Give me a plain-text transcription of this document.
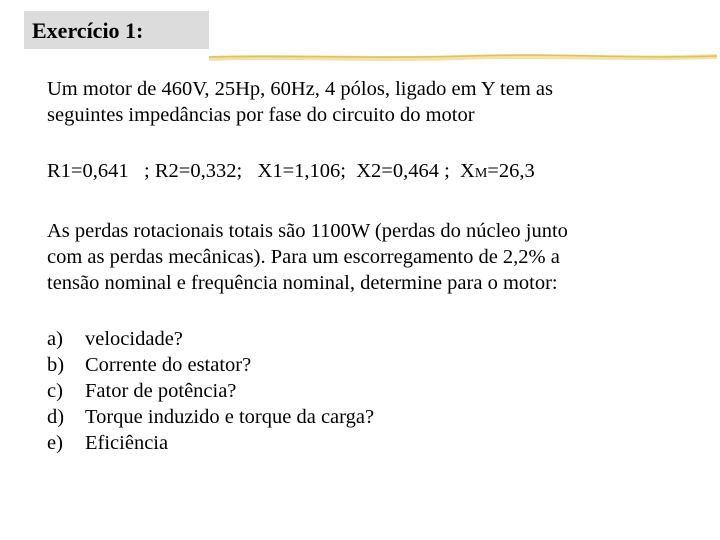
Exercício 1:

Um motor de 460V, 25Hp, 60Hz, 4 pólos, ligado em Y tem as
seguintes impedâncias por fase do circuito do motor

R1=0,641   ; R2=0,332; X1=1,106; X2=0,464 ; XM=26,3

As perdas rotacionais totais são 1100W (perdas do núcleo junto
com as perdas mecânicas). Para um escorregamento de 2,2% a
tensão nominal e frequência nominal, determine para o motor:

a)	velocidade?
b)	Corrente do estator?
c)	Fator de potência?
d)	Torque induzido e torque da carga?
e)	Eficiência
